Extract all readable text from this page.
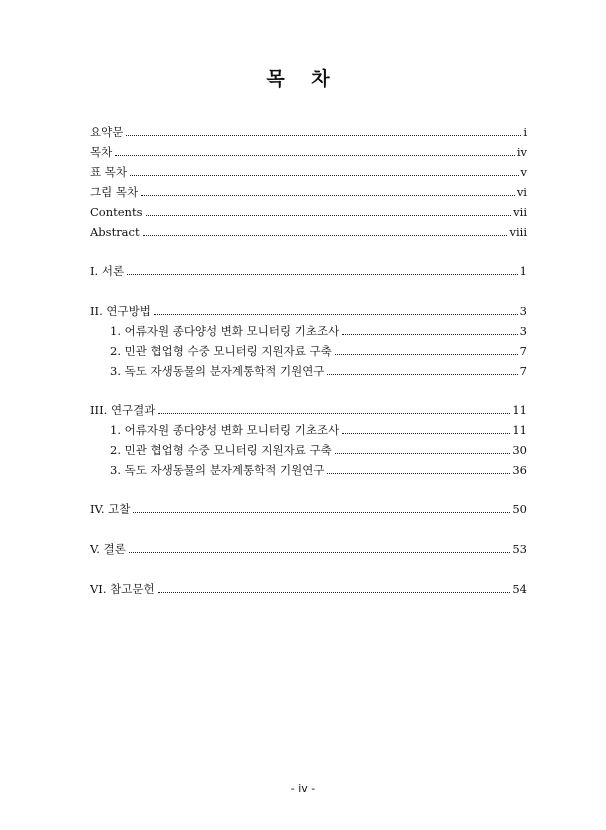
목 차
요약문	i
목차	iv
표 목차	v
그림 목차	vi
Contents	vii
Abstract	viii
I. 서론	1
II. 연구방법	3
1. 어류자원 종다양성 변화 모니터링 기초조사	3
2. 민관 협업형 수중 모니터링 지원자료 구축	7
3. 독도 자생동물의 분자계통학적 기원연구	7
III. 연구결과	11
1. 어류자원 종다양성 변화 모니터링 기초조사	11
2. 민관 협업형 수중 모니터링 지원자료 구축	30
3. 독도 자생동물의 분자계통학적 기원연구	36
IV. 고찰	50
V. 결론	53
VI. 참고문헌	54
- iv -
